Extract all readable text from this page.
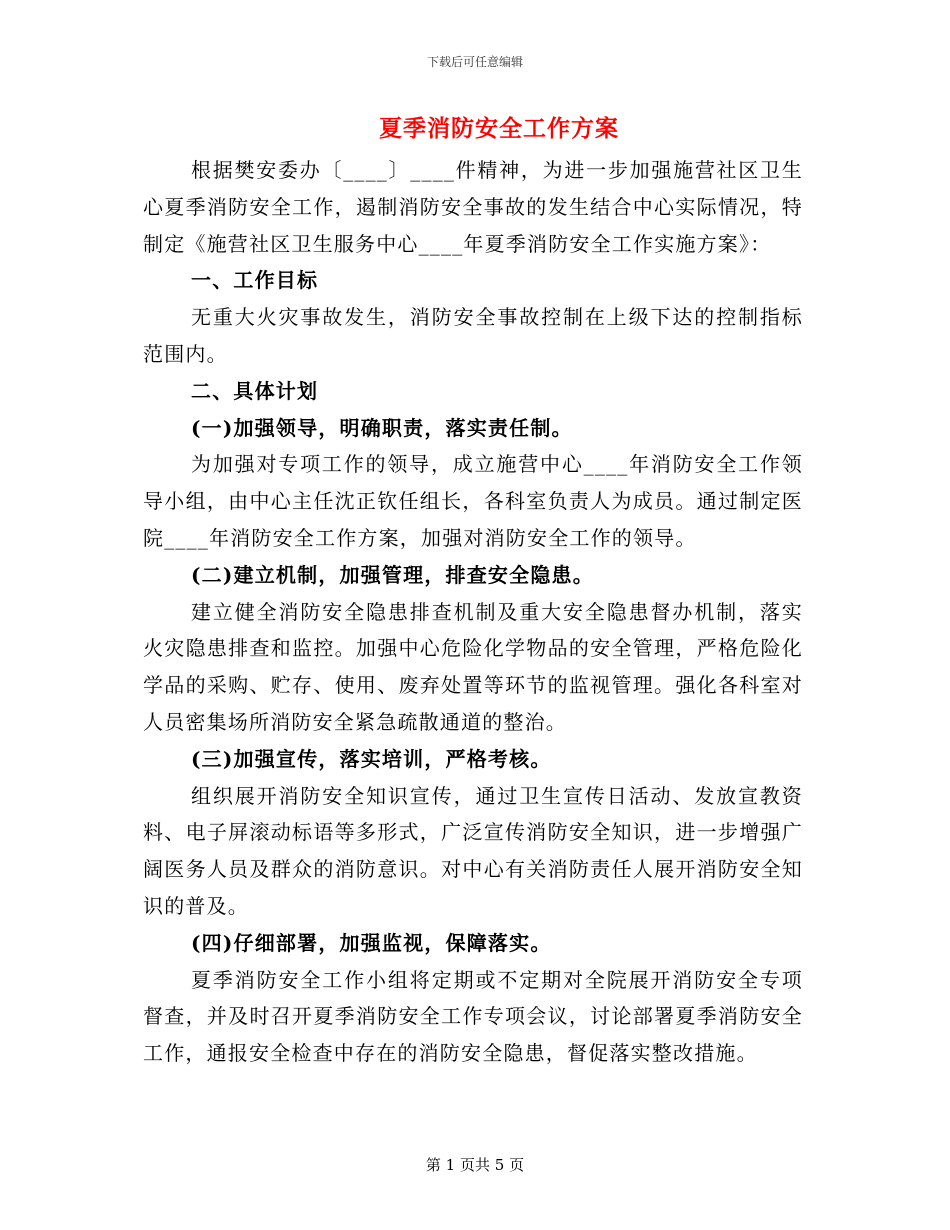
下载后可任意编辑
夏季消防安全工作方案

根据樊安委办〔____〕____件精神，为进一步加强施营社区卫生心夏季消防安全工作，遏制消防安全事故的发生结合中心实际情况，特制定《施营社区卫生服务中心____年夏季消防安全工作实施方案》：

一、工作目标

无重大火灾事故发生，消防安全事故控制在上级下达的控制指标范围内。

二、具体计划
(一)加强领导，明确职责，落实责任制。

为加强对专项工作的领导，成立施营中心____年消防安全工作领导小组，由中心主任沈正钦任组长，各科室负责人为成员。通过制定医院____年消防安全工作方案，加强对消防安全工作的领导。

(二)建立机制，加强管理，排查安全隐患。

建立健全消防安全隐患排查机制及重大安全隐患督办机制，落实火灾隐患排查和监控。加强中心危险化学物品的安全管理，严格危险化学品的采购、贮存、使用、废弃处置等环节的监视管理。强化各科室对人员密集场所消防安全紧急疏散通道的整治。

(三)加强宣传，落实培训，严格考核。

组织展开消防安全知识宣传，通过卫生宣传日活动、发放宣教资料、电子屏滚动标语等多形式，广泛宣传消防安全知识，进一步增强广阔医务人员及群众的消防意识。对中心有关消防责任人展开消防安全知识的普及。

(四)仔细部署，加强监视，保障落实。

夏季消防安全工作小组将定期或不定期对全院展开消防安全专项督查，并及时召开夏季消防安全工作专项会议，讨论部署夏季消防安全工作，通报安全检查中存在的消防安全隐患，督促落实整改措施。

第 1 页共 5 页
